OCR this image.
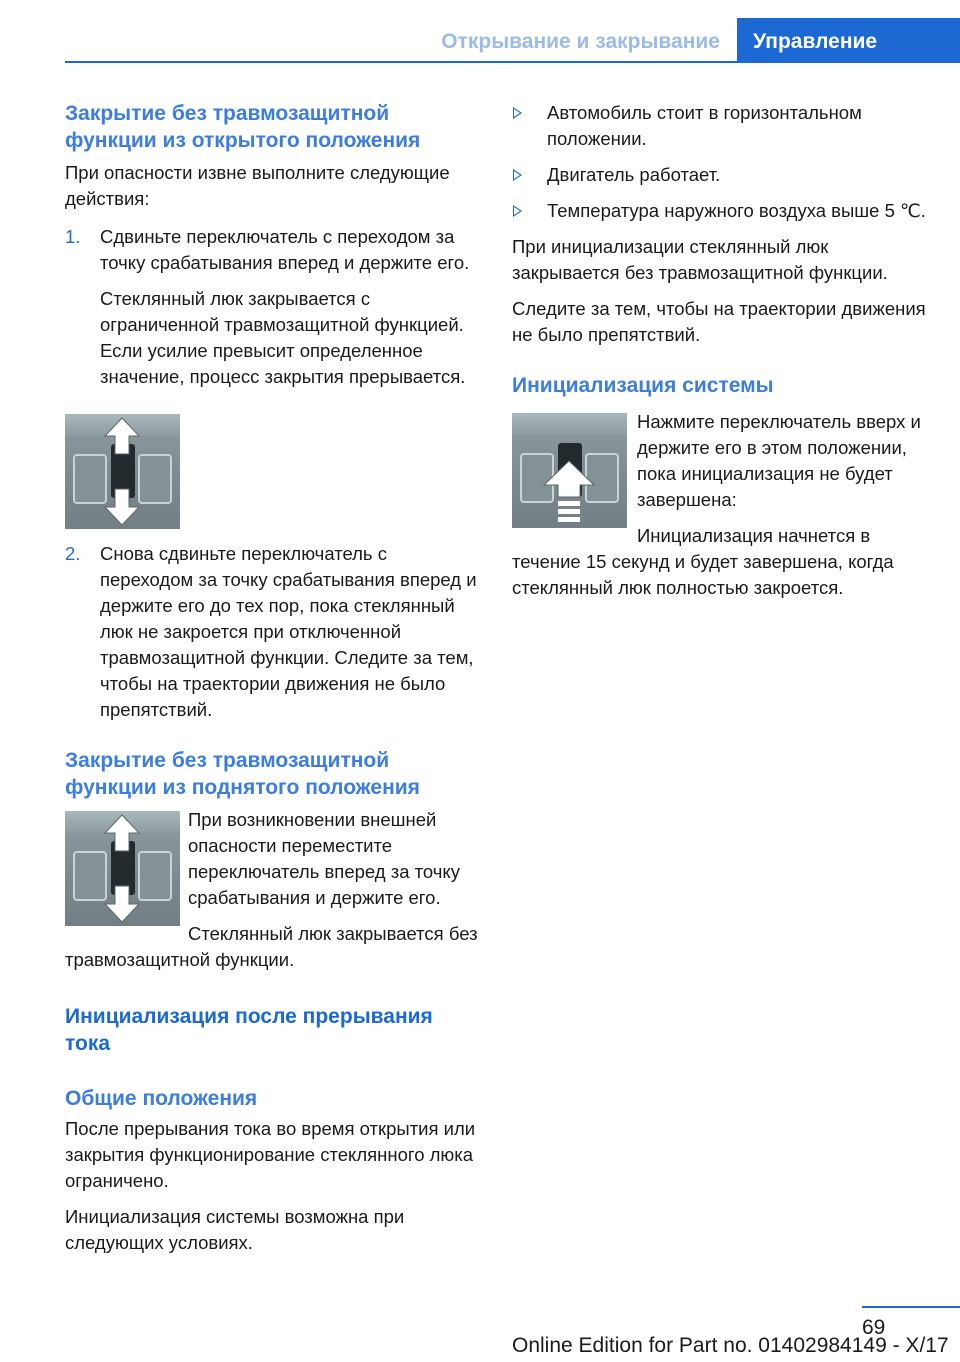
Открывание и закрывание Управление
Закрытие без травмозащитной функции из открытого положения

При опасности извне выполните следующие действия:

1. Сдвиньте переключатель с переходом за точку срабатывания вперед и держите его.

Стеклянный люк закрывается с ограниченной травмозащитной функцией. Если усилие превысит определенное значение, процесс закрытия прерывается.

2. Снова сдвиньте переключатель с переходом за точку срабатывания вперед и держите его до тех пор, пока стеклянный люк не закроется при отключенной травмозащитной функции. Следите за тем, чтобы на траектории движения не было препятствий.

Закрытие без травмозащитной функции из поднятого положения

При возникновении внешней опасности переместите переключатель вперед за точку срабатывания и держите его.

Стеклянный люк закрывается без травмозащитной функции.

Инициализация после прерывания тока
Общие положения

После прерывания тока во время открытия или закрытия функционирование стеклянного люка ограничено.

Инициализация системы возможна при следующих условиях.

Автомобиль стоит в горизонтальном положении.

Двигатель работает.

Температура наружного воздуха выше 5 ℃.

При инициализации стеклянный люк закрывается без травмозащитной функции.

Следите за тем, чтобы на траектории движения не было препятствий.

Инициализация системы

Нажмите переключатель вверх и держите его в этом положении, пока инициализация не будет завершена:

Инициализация начнется в течение 15 секунд и будет завершена, когда стеклянный люк полностью закроется.

69
Online Edition for Part no. 01402984149 - X/17
